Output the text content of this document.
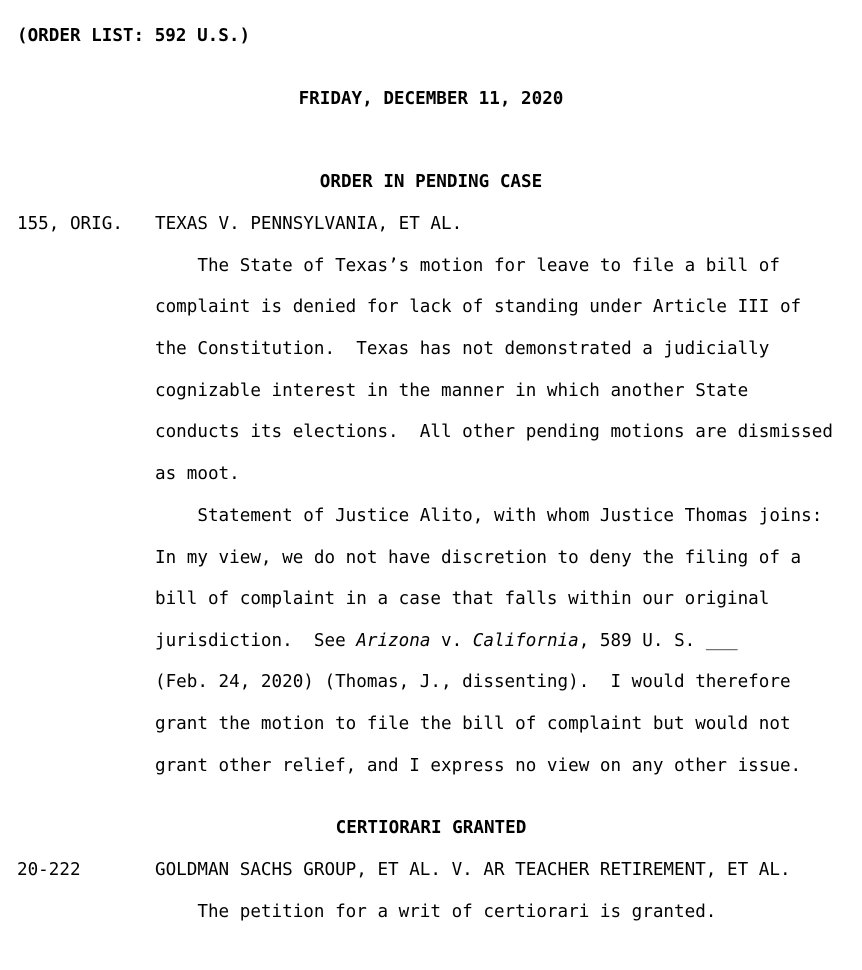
(ORDER LIST: 592 U.S.)

FRIDAY, DECEMBER 11, 2020

ORDER IN PENDING CASE

155, ORIG. TEXAS V. PENNSYLVANIA, ET AL.

The State of Texas’s motion for leave to file a bill of

complaint is denied for lack of standing under Article III of

the Constitution.  Texas has not demonstrated a judicially

cognizable interest in the manner in which another State

conducts its elections.  All other pending motions are dismissed

as moot.

Statement of Justice Alito, with whom Justice Thomas joins:

In my view, we do not have discretion to deny the filing of a

bill of complaint in a case that falls within our original

jurisdiction.  See Arizona v. California, 589 U. S. ___

(Feb. 24, 2020) (Thomas, J., dissenting).  I would therefore

grant the motion to file the bill of complaint but would not

grant other relief, and I express no view on any other issue.

CERTIORARI GRANTED

20-222	GOLDMAN SACHS GROUP, ET AL. V. AR TEACHER RETIREMENT, ET AL.

The petition for a writ of certiorari is granted.
